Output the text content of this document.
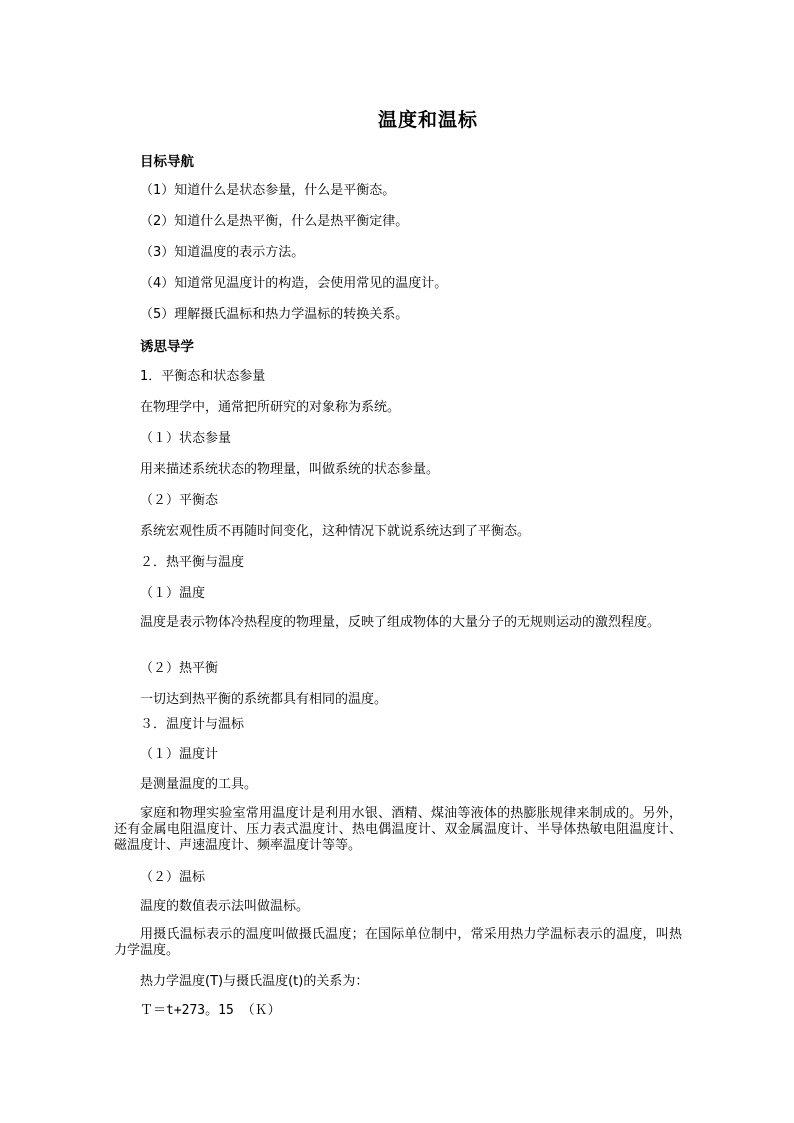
温度和温标
目标导航
（1）知道什么是状态参量，什么是平衡态。
（2）知道什么是热平衡，什么是热平衡定律。
（3）知道温度的表示方法。
（4）知道常见温度计的构造，会使用常见的温度计。
（5）理解摄氏温标和热力学温标的转换关系。
诱思导学
1．平衡态和状态参量
在物理学中，通常把所研究的对象称为系统。
（１）状态参量
用来描述系统状态的物理量，叫做系统的状态参量。
（２）平衡态
系统宏观性质不再随时间变化，这种情况下就说系统达到了平衡态。
２．热平衡与温度
（１）温度
温度是表示物体冷热程度的物理量，反映了组成物体的大量分子的无规则运动的激烈程度。
（２）热平衡
一切达到热平衡的系统都具有相同的温度。
３．温度计与温标
（１）温度计
是测量温度的工具。
家庭和物理实验室常用温度计是利用水银、酒精、煤油等液体的热膨胀规律来制成的。另外，还有金属电阻温度计、压力表式温度计、热电偶温度计、双金属温度计、半导体热敏电阻温度计、磁温度计、声速温度计、频率温度计等等。
（２）温标
温度的数值表示法叫做温标。
用摄氏温标表示的温度叫做摄氏温度；在国际单位制中，常采用热力学温标表示的温度，叫热力学温度。
热力学温度(T)与摄氏温度(t)的关系为：
Ｔ＝t+273。15 （Ｋ）
